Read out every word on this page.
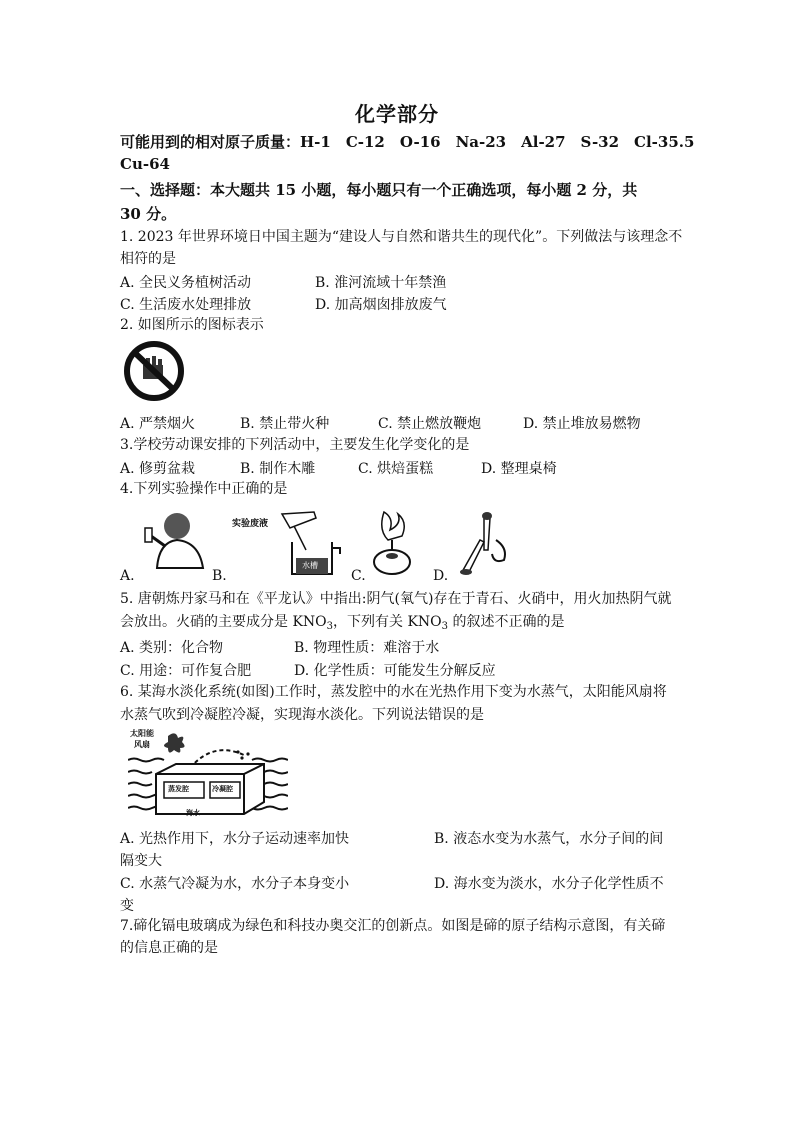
化学部分
可能用到的相对原子质量：H-1　C-12　O-16　Na-23　Al-27　S-32　Cl-35.5
Cu-64
一、选择题：本大题共 15 小题，每小题只有一个正确选项，每小题 2 分，共
30 分。
1. 2023 年世界环境日中国主题为“建设人与自然和谐共生的现代化”。下列做法与该理念不
相符的是
A. 全民义务植树活动	B. 淮河流域十年禁渔
C. 生活废水处理排放	D. 加高烟囱排放废气
2. 如图所示的图标表示
A. 严禁烟火	B. 禁止带火种	C. 禁止燃放鞭炮	D. 禁止堆放易燃物
3.学校劳动课安排的下列活动中，主要发生化学变化的是
A. 修剪盆栽	B. 制作木雕	C. 烘焙蛋糕	D. 整理桌椅
4.下列实验操作中正确的是
A.
实验废液
水槽
B.	C.	D.
5. 唐朝炼丹家马和在《平龙认》中指出:阴气(氧气)存在于青石、火硝中，用火加热阴气就
会放出。火硝的主要成分是 $KNO_3$，下列有关 $KNO_3$ 的叙述不正确的是
A. 类别：化合物	B. 物理性质：难溶于水
C. 用途：可作复合肥	D. 化学性质：可能发生分解反应
6. 某海水淡化系统(如图)工作时，蒸发腔中的水在光热作用下变为水蒸气，太阳能风扇将
水蒸气吹到冷凝腔冷凝，实现海水淡化。下列说法错误的是
太阳能
风扇
蒸发腔	冷凝腔
海水
A. 光热作用下，水分子运动速率加快	B. 液态水变为水蒸气，水分子间的间
隔变大
C. 水蒸气冷凝为水，水分子本身变小	D. 海水变为淡水，水分子化学性质不
变
7.碲化镉电玻璃成为绿色和科技办奥交汇的创新点。如图是碲的原子结构示意图，有关碲
的信息正确的是
